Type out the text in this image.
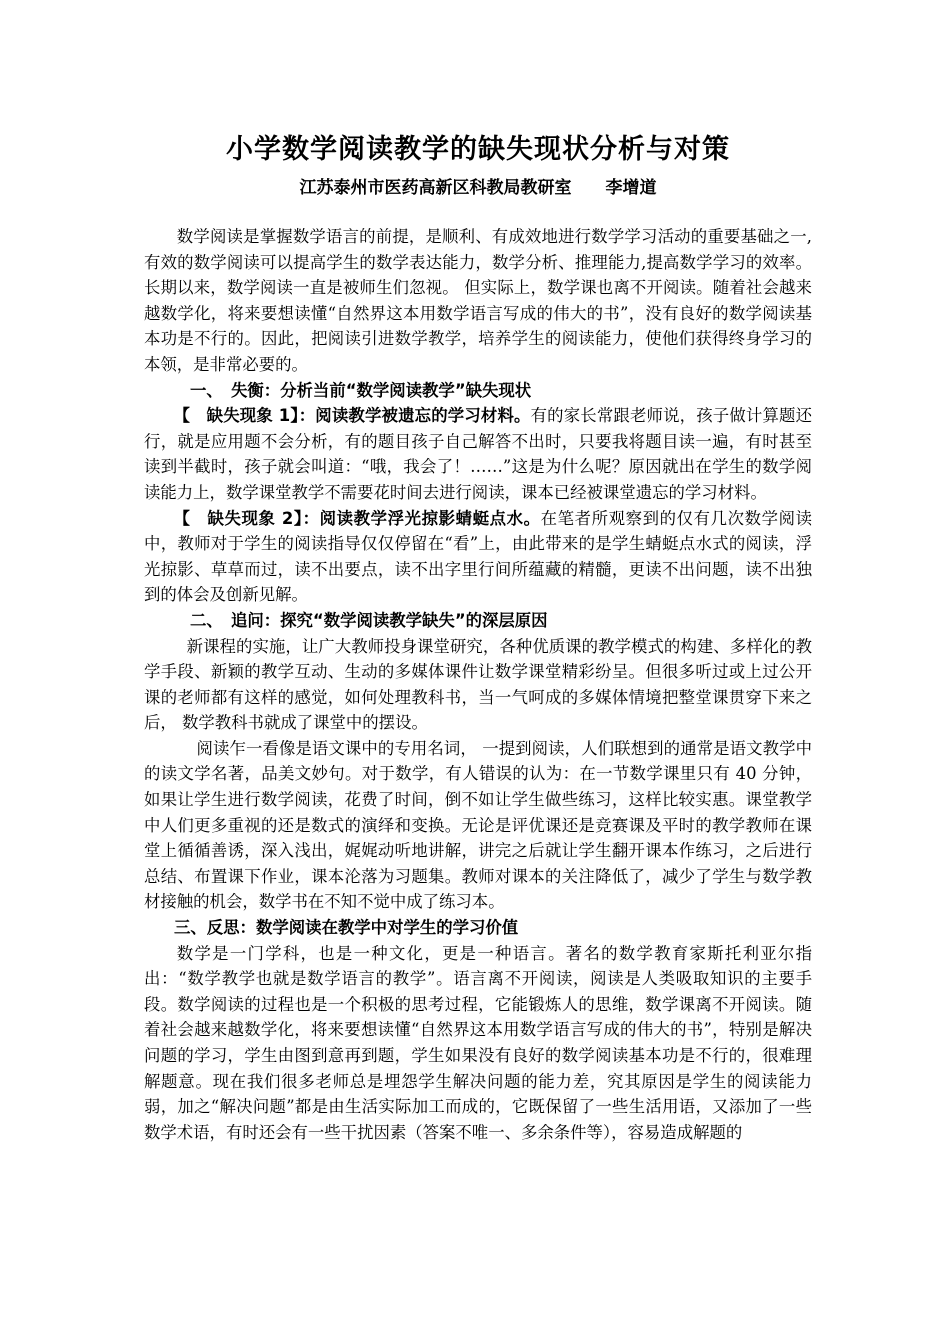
小学数学阅读教学的缺失现状分析与对策
江苏泰州市医药高新区科教局教研室　　李增道

数学阅读是掌握数学语言的前提，是顺利、有成效地进行数学学习活动的重要基础之一,有效的数学阅读可以提高学生的数学表达能力，数学分析、推理能力,提高数学学习的效率。长期以来，数学阅读一直是被师生们忽视。 但实际上，数学课也离不开阅读。随着社会越来越数学化，将来要想读懂“自然界这本用数学语言写成的伟大的书”，没有良好的数学阅读基本功是不行的。因此，把阅读引进数学教学，培养学生的阅读能力，使他们获得终身学习的本领，是非常必要的。

一、　失衡：分析当前“数学阅读教学”缺失现状

【　缺失现象 1】：阅读教学被遗忘的学习材料。有的家长常跟老师说，孩子做计算题还行，就是应用题不会分析，有的题目孩子自己解答不出时，只要我将题目读一遍，有时甚至读到半截时，孩子就会叫道：“哦，我会了！……”这是为什么呢？原因就出在学生的数学阅读能力上，数学课堂教学不需要花时间去进行阅读，课本已经被课堂遗忘的学习材料。

【　缺失现象 2】：阅读教学浮光掠影蜻蜓点水。在笔者所观察到的仅有几次数学阅读中，教师对于学生的阅读指导仅仅停留在“看”上，由此带来的是学生蜻蜓点水式的阅读，浮光掠影、草草而过，读不出要点，读不出字里行间所蕴藏的精髓，更读不出问题，读不出独到的体会及创新见解。

二、　追问：探究“数学阅读教学缺失”的深层原因

新课程的实施，让广大教师投身课堂研究，各种优质课的教学模式的构建、多样化的教学手段、新颖的教学互动、生动的多媒体课件让数学课堂精彩纷呈。但很多听过或上过公开课的老师都有这样的感觉，如何处理教科书，当一气呵成的多媒体情境把整堂课贯穿下来之后， 数学教科书就成了课堂中的摆设。

阅读乍一看像是语文课中的专用名词， 一提到阅读，人们联想到的通常是语文教学中的读文学名著，品美文妙句。对于数学，有人错误的认为：在一节数学课里只有 40 分钟，如果让学生进行数学阅读，花费了时间，倒不如让学生做些练习，这样比较实惠。课堂教学中人们更多重视的还是数式的演绎和变换。无论是评优课还是竞赛课及平时的教学教师在课堂上循循善诱，深入浅出，娓娓动听地讲解，讲完之后就让学生翻开课本作练习，之后进行总结、布置课下作业，课本沦落为习题集。教师对课本的关注降低了，减少了学生与数学教材接触的机会，数学书在不知不觉中成了练习本。

三、反思：数学阅读在教学中对学生的学习价值

数学是一门学科，也是一种文化，更是一种语言。著名的数学教育家斯托利亚尔指出：“数学教学也就是数学语言的教学”。语言离不开阅读，阅读是人类吸取知识的主要手段。数学阅读的过程也是一个积极的思考过程，它能锻炼人的思维，数学课离不开阅读。随着社会越来越数学化，将来要想读懂“自然界这本用数学语言写成的伟大的书”，特别是解决问题的学习，学生由图到意再到题，学生如果没有良好的数学阅读基本功是不行的，很难理解题意。现在我们很多老师总是埋怨学生解决问题的能力差，究其原因是学生的阅读能力弱，加之“解决问题”都是由生活实际加工而成的，它既保留了一些生活用语，又添加了一些数学术语，有时还会有一些干扰因素（答案不唯一、多余条件等），容易造成解题的
